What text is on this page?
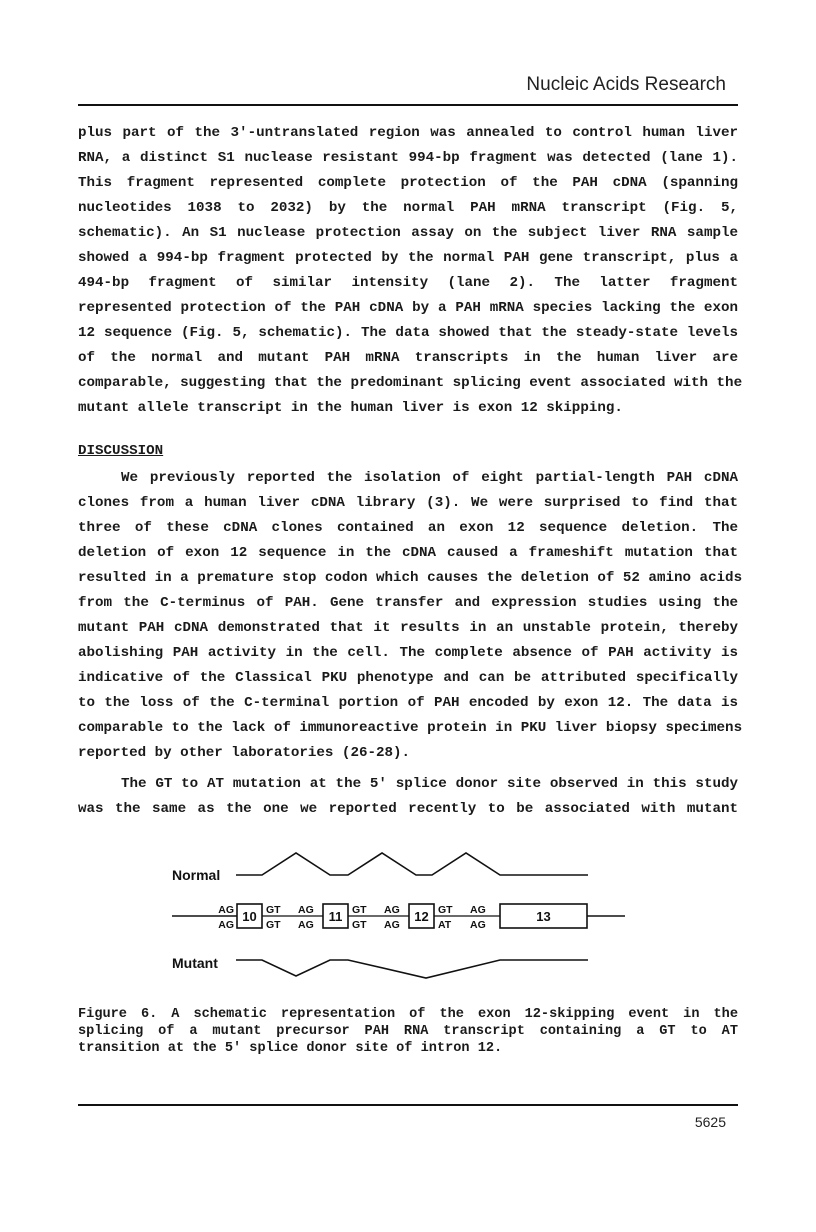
Nucleic Acids Research
plus part of the 3'-untranslated region was annealed to control human liver
RNA, a distinct S1 nuclease resistant 994-bp fragment was detected (lane 1).
This fragment represented complete protection of the PAH cDNA (spanning
nucleotides 1038 to 2032) by the normal PAH mRNA transcript (Fig. 5,
schematic). An S1 nuclease protection assay on the subject liver RNA sample
showed a 994-bp fragment protected by the normal PAH gene transcript, plus a
494-bp fragment of similar intensity (lane 2). The latter fragment
represented protection of the PAH cDNA by a PAH mRNA species lacking the exon
12 sequence (Fig. 5, schematic). The data showed that the steady-state levels
of the normal and mutant PAH mRNA transcripts in the human liver are
comparable, suggesting that the predominant splicing event associated with the
mutant allele transcript in the human liver is exon 12 skipping.
DISCUSSION
We previously reported the isolation of eight partial-length PAH cDNA
clones from a human liver cDNA library (3). We were surprised to find that
three of these cDNA clones contained an exon 12 sequence deletion. The
deletion of exon 12 sequence in the cDNA caused a frameshift mutation that
resulted in a premature stop codon which causes the deletion of 52 amino acids
from the C-terminus of PAH. Gene transfer and expression studies using the
mutant PAH cDNA demonstrated that it results in an unstable protein, thereby
abolishing PAH activity in the cell. The complete absence of PAH activity is
indicative of the Classical PKU phenotype and can be attributed specifically
to the loss of the C-terminal portion of PAH encoded by exon 12. The data is
comparable to the lack of immunoreactive protein in PKU liver biopsy specimens
reported by other laboratories (26-28).
The GT to AT mutation at the 5' splice donor site observed in this study
was the same as the one we reported recently to be associated with mutant
Normal
10
AG
AG
GT
GT
AG
AG
11 GT
GT
AG
AG
12 GT
AT
AG
AG
13
Mutant
Figure 6. A schematic representation of the exon 12-skipping event in the
splicing of a mutant precursor PAH RNA transcript containing a GT to AT
transition at the 5' splice donor site of intron 12.
5625
